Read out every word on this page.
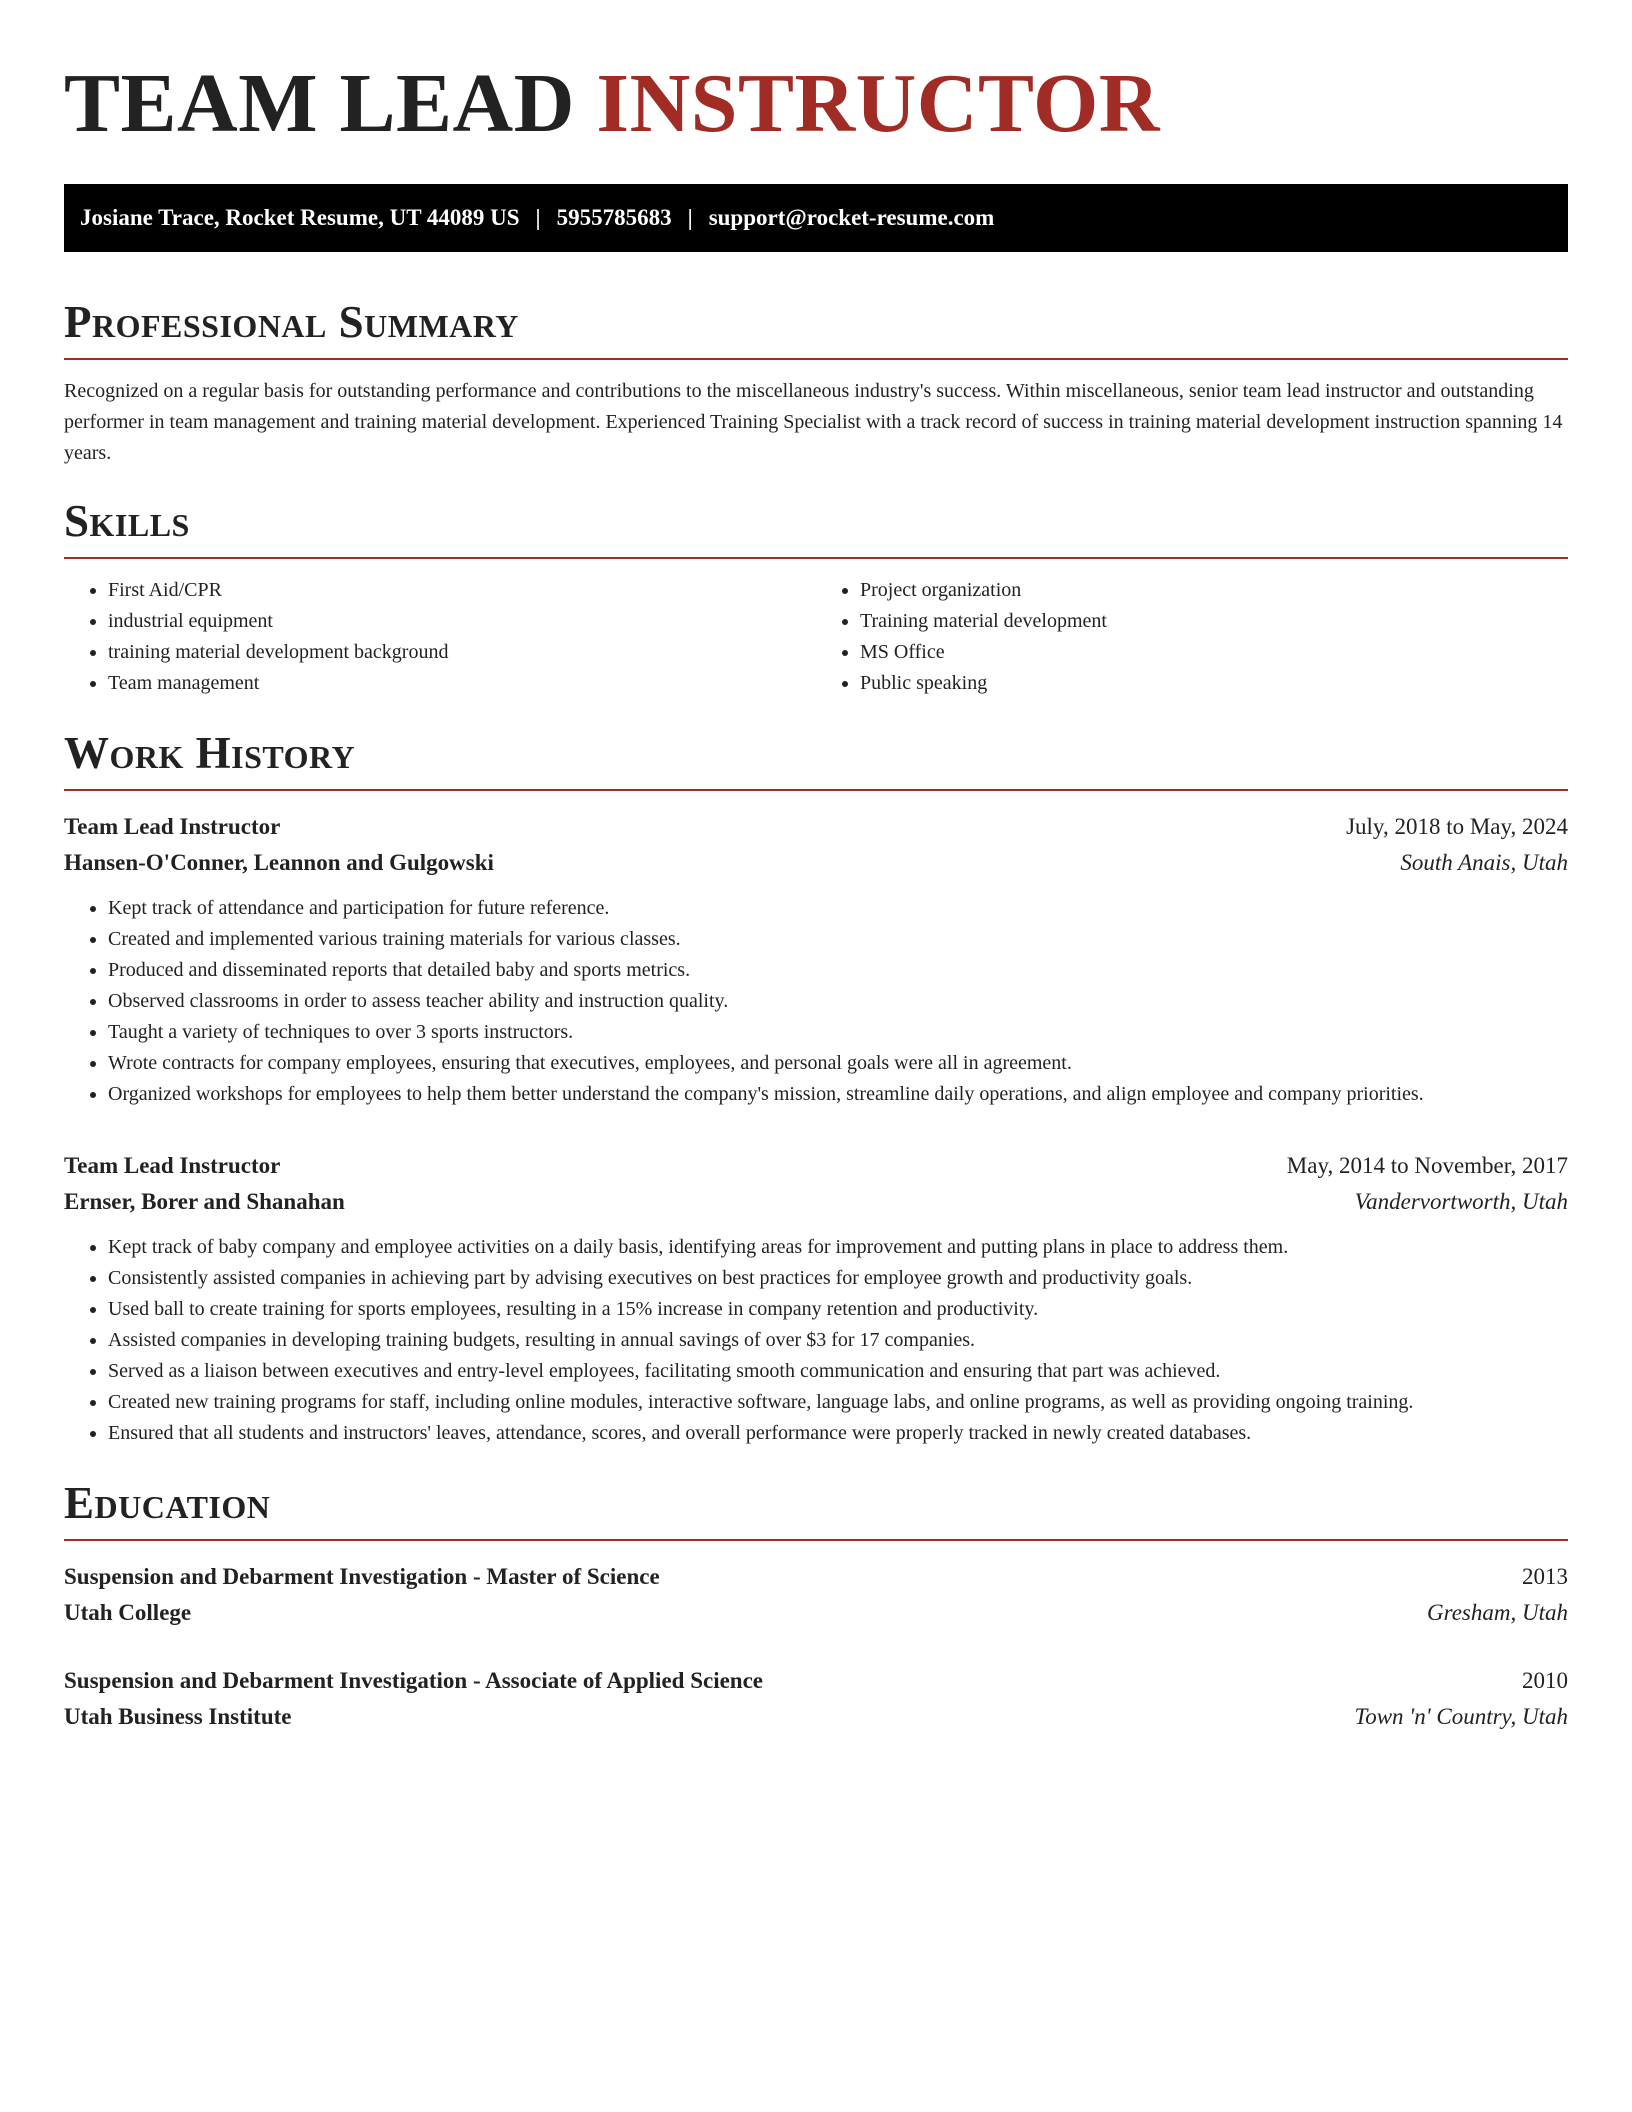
TEAM LEAD INSTRUCTOR
Josiane Trace, Rocket Resume, UT 44089 US | 5955785683 | support@rocket-resume.com
Professional Summary

Recognized on a regular basis for outstanding performance and contributions to the miscellaneous industry's success. Within miscellaneous, senior team lead instructor and outstanding performer in team management and training material development. Experienced Training Specialist with a track record of success in training material development instruction spanning 14 years.

Skills
• First Aid/CPR
• industrial equipment
• training material development background
• Team management
• Project organization
• Training material development
• MS Office
• Public speaking
Work History
Team Lead Instructor	July, 2018 to May, 2024
Hansen-O'Conner, Leannon and Gulgowski	South Anais, Utah
• Kept track of attendance and participation for future reference.
• Created and implemented various training materials for various classes.
• Produced and disseminated reports that detailed baby and sports metrics.
• Observed classrooms in order to assess teacher ability and instruction quality.
• Taught a variety of techniques to over 3 sports instructors.
• Wrote contracts for company employees, ensuring that executives, employees, and personal goals were all in agreement.
• Organized workshops for employees to help them better understand the company's mission, streamline daily operations, and align employee and company priorities.
Team Lead Instructor	May, 2014 to November, 2017
Ernser, Borer and Shanahan	Vandervortworth, Utah
• Kept track of baby company and employee activities on a daily basis, identifying areas for improvement and putting plans in place to address them.
• Consistently assisted companies in achieving part by advising executives on best practices for employee growth and productivity goals.
• Used ball to create training for sports employees, resulting in a 15% increase in company retention and productivity.
• Assisted companies in developing training budgets, resulting in annual savings of over $3 for 17 companies.
• Served as a liaison between executives and entry-level employees, facilitating smooth communication and ensuring that part was achieved.
• Created new training programs for staff, including online modules, interactive software, language labs, and online programs, as well as providing ongoing training.
• Ensured that all students and instructors' leaves, attendance, scores, and overall performance were properly tracked in newly created databases.
Education
Suspension and Debarment Investigation - Master of Science	2013
Utah College	Gresham, Utah
Suspension and Debarment Investigation - Associate of Applied Science	2010
Utah Business Institute	Town 'n' Country, Utah
